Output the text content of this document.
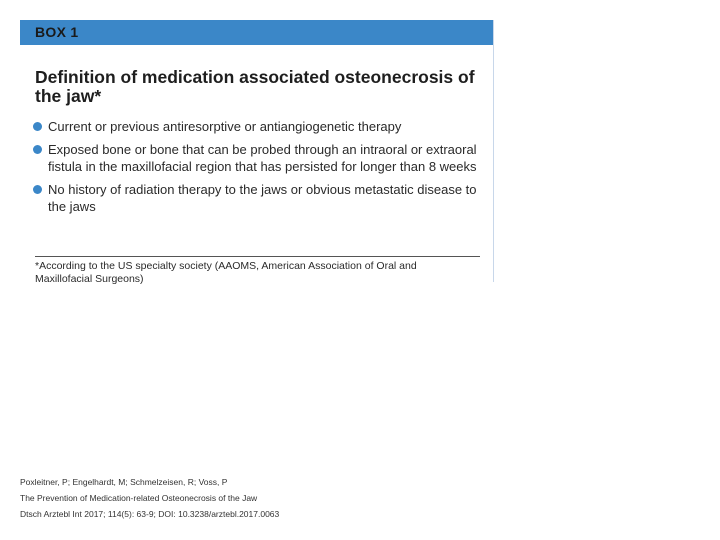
BOX 1
Definition of medication associated osteonecrosis of the jaw*
Current or previous antiresorptive or antiangiogenetic therapy
Exposed bone or bone that can be probed through an intraoral or extraoral fistula in the maxillofacial region that has persisted for longer than 8 weeks
No history of radiation therapy to the jaws or obvious metastatic disease to the jaws
*According to the US specialty society (AAOMS, American Association of Oral and Maxillofacial Surgeons)
Poxleitner, P; Engelhardt, M; Schmelzeisen, R; Voss, P
The Prevention of Medication-related Osteonecrosis of the Jaw
Dtsch Arztebl Int 2017; 114(5): 63-9; DOI: 10.3238/arztebl.2017.0063
